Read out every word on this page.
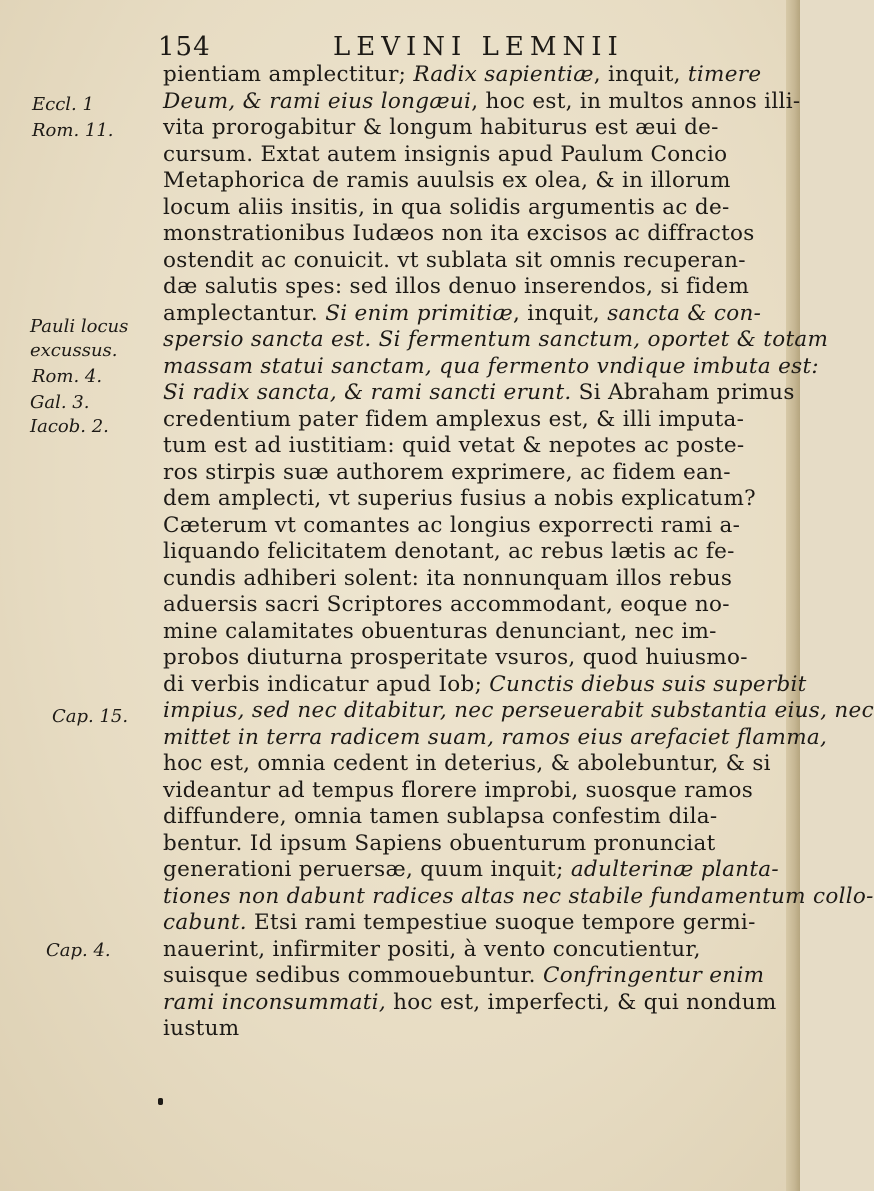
154	LEVINI LEMNII
Eccl. 1
Rom. 11.
Pauli locus
excussus.
Rom. 4.
Gal. 3.
Iacob. 2.
Cap. 15.
Cap. 4.
pientiam amplectitur; Radix sapientiæ, inquit, timere
Deum, & rami eius longæui, hoc est, in multos annos illi-
vita prorogabitur & longum habiturus est æui de-
cursum. Extat autem insignis apud Paulum Concio
Metaphorica de ramis auulsis ex olea, & in illorum
locum aliis insitis, in qua solidis argumentis ac de-
monstrationibus Iudæos non ita excisos ac diffractos
ostendit ac conuicit. vt sublata sit omnis recuperan-
dæ salutis spes: sed illos denuo inserendos, si fidem
amplectantur. Si enim primitiæ, inquit, sancta & con-
spersio sancta est. Si fermentum sanctum, oportet & totam
massam statui sanctam, qua fermento vndique imbuta est:
Si radix sancta, & rami sancti erunt. Si Abraham primus
credentium pater fidem amplexus est, & illi imputa-
tum est ad iustitiam: quid vetat & nepotes ac poste-
ros stirpis suæ authorem exprimere, ac fidem ean-
dem amplecti, vt superius fusius a nobis explicatum?
Cæterum vt comantes ac longius exporrecti rami a-
liquando felicitatem denotant, ac rebus lætis ac fe-
cundis adhiberi solent: ita nonnunquam illos rebus
aduersis sacri Scriptores accommodant, eoque no-
mine calamitates obuenturas denunciant, nec im-
probos diuturna prosperitate vsuros, quod huiusmo-
di verbis indicatur apud Iob; Cunctis diebus suis superbit
impius, sed nec ditabitur, nec perseuerabit substantia eius, nec
mittet in terra radicem suam, ramos eius arefaciet flamma,
hoc est, omnia cedent in deterius, & abolebuntur, & si
videantur ad tempus florere improbi, suosque ramos
diffundere, omnia tamen sublapsa confestim dila-
bentur. Id ipsum Sapiens obuenturum pronunciat
generationi peruersæ, quum inquit; adulterinæ planta-
tiones non dabunt radices altas nec stabile fundamentum collo-
cabunt. Etsi rami tempestiue suoque tempore germi-
nauerint, infirmiter positi, à vento concutientur,
suisque sedibus commouebuntur. Confringentur enim
rami inconsummati, hoc est, imperfecti, & qui nondum
iustum
